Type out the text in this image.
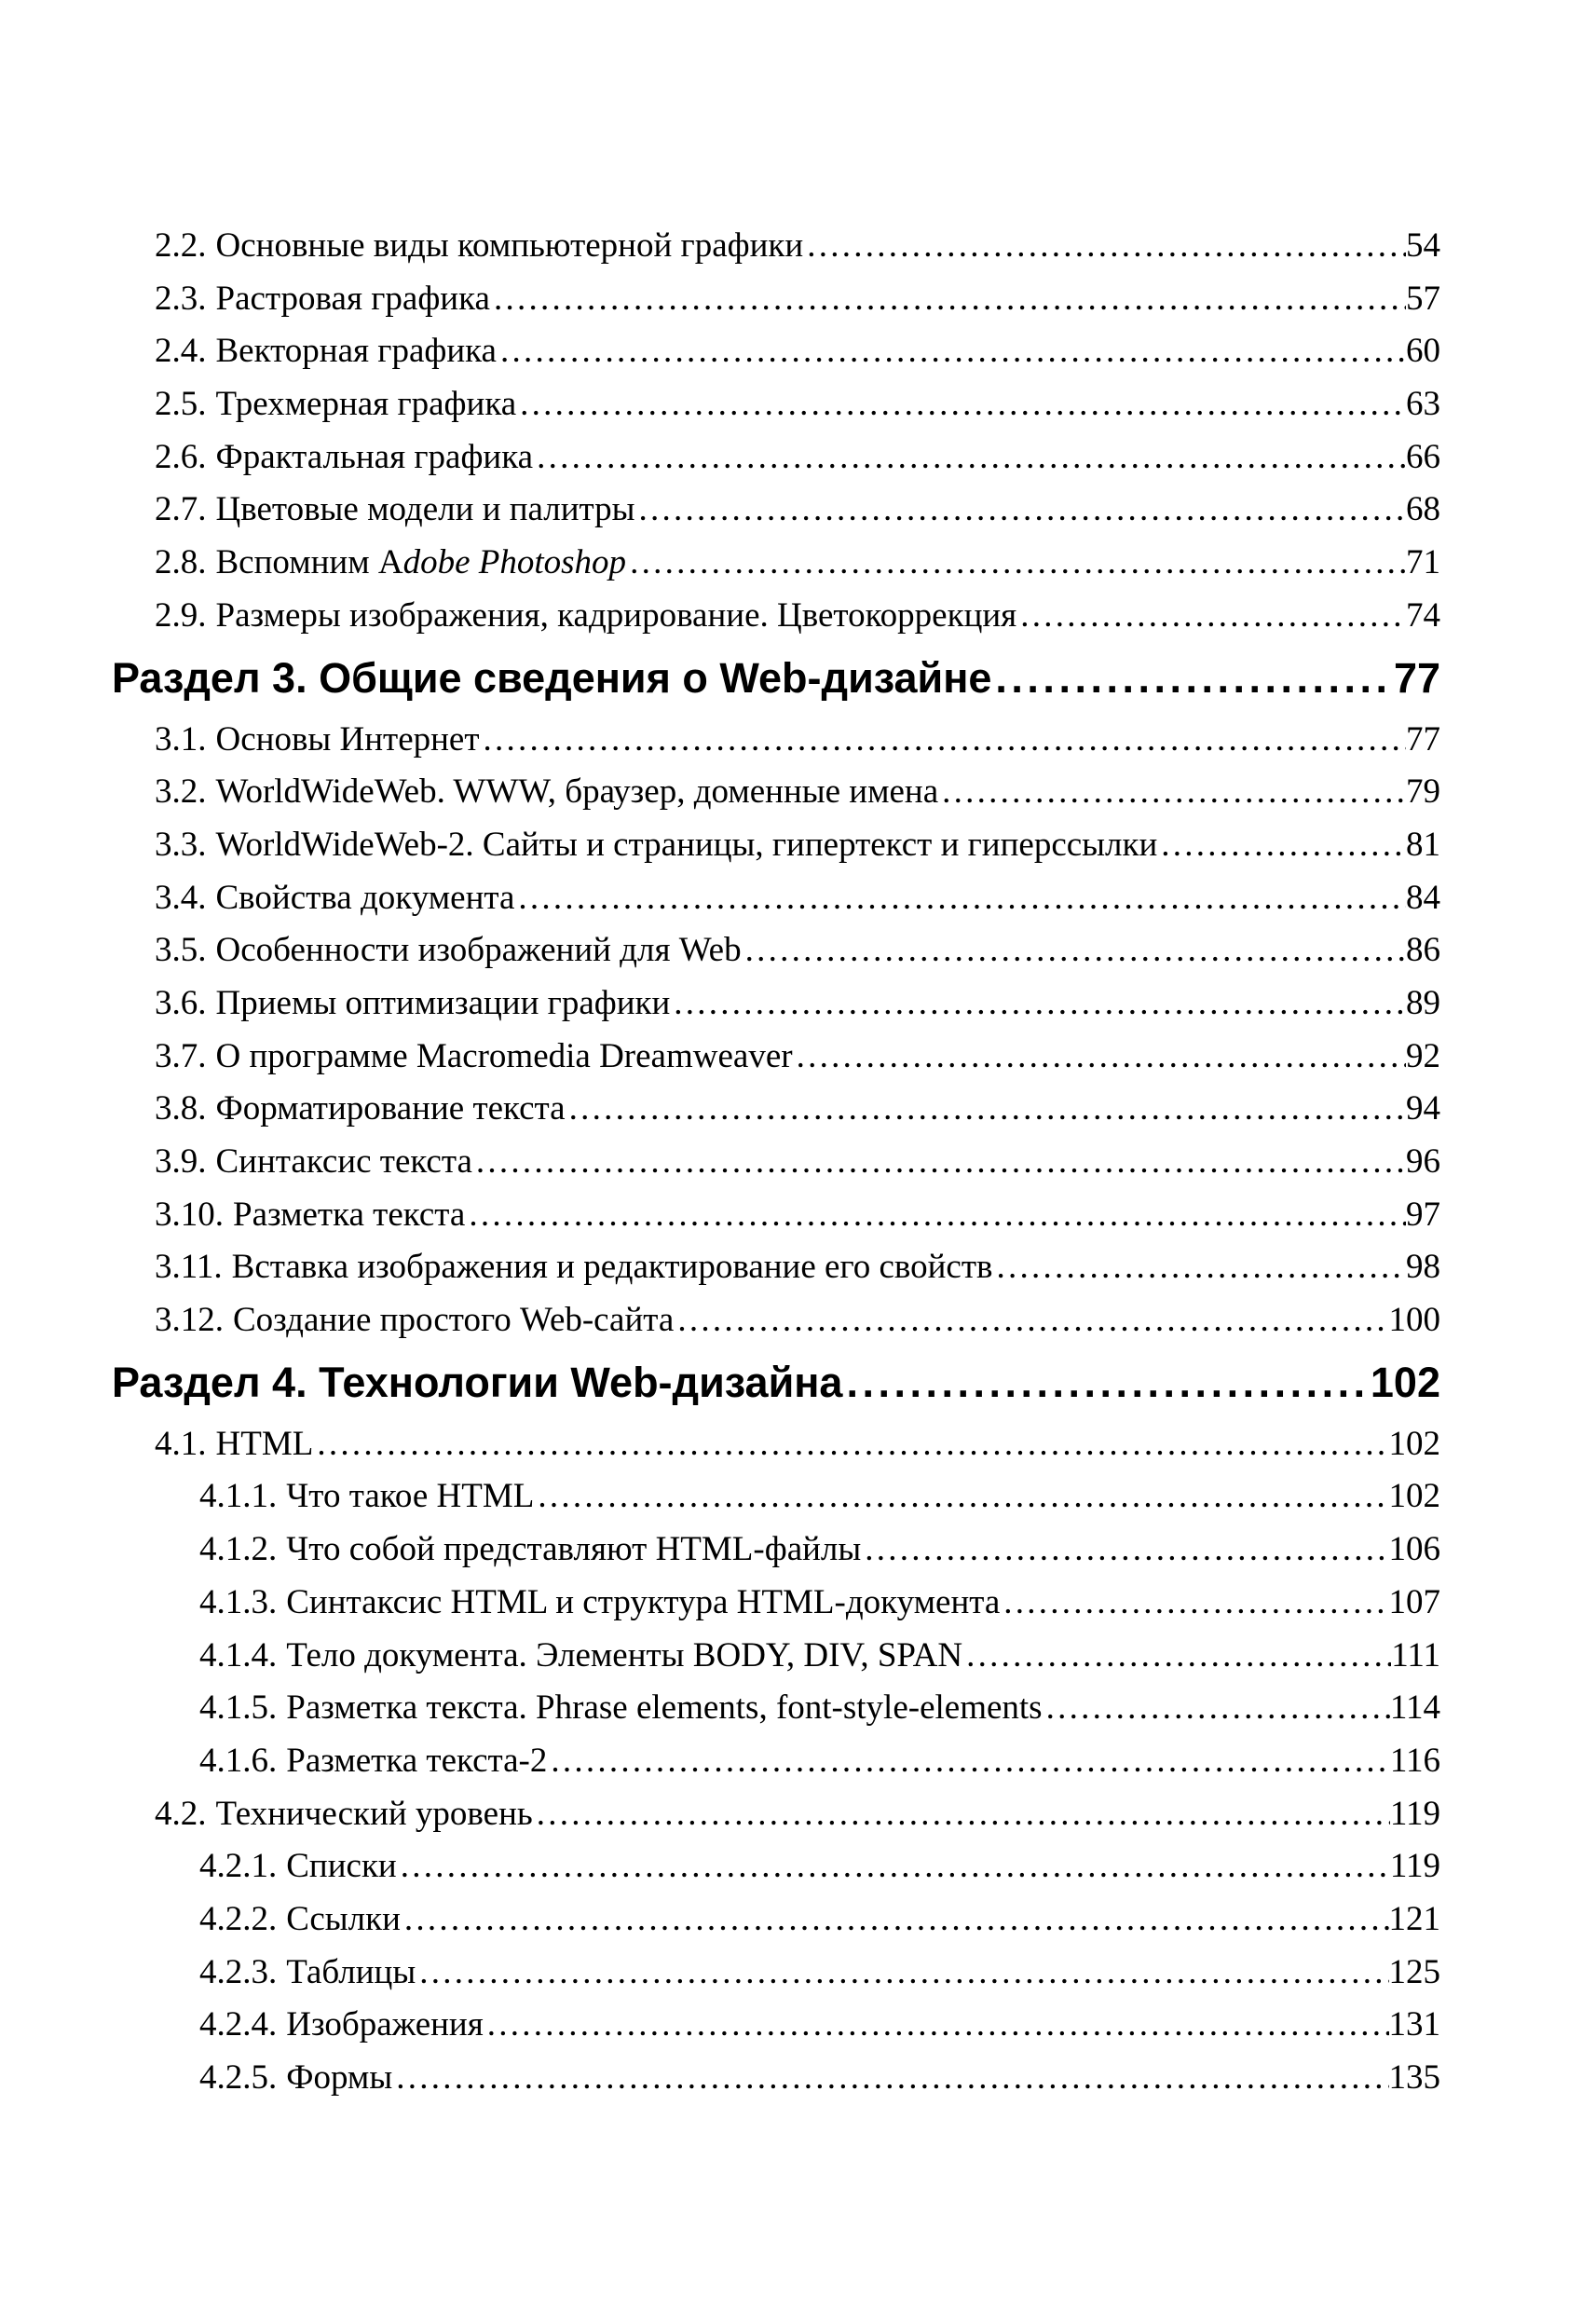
2.2. Основные виды компьютерной графики . . .	54
2.3. Растровая графика . . .	57
2.4. Векторная графика . . .	60
2.5. Трехмерная графика . . .	63
2.6. Фрактальная графика . . .	66
2.7. Цветовые модели и палитры . . .	68
2.8. Вспомним Adobe Photoshop . . .	71
2.9. Размеры изображения, кадрирование. Цветокоррекция . . .	74
Раздел 3. Общие сведения о Web-дизайне . . .	77
3.1. Основы Интернет . . .	77
3.2. WorldWideWeb. WWW, браузер, доменные имена . . .	79
3.3. WorldWideWeb-2. Сайты и страницы, гипертекст и гиперссылки . . .	81
3.4. Свойства документа . . .	84
3.5. Особенности изображений для Web . . .	86
3.6. Приемы оптимизации графики . . .	89
3.7. О программе Macromedia Dreamweaver . . .	92
3.8. Форматирование текста . . .	94
3.9. Синтаксис текста . . .	96
3.10. Разметка текста . . .	97
3.11. Вставка изображения и редактирование его свойств . . .	98
3.12. Создание простого Web-сайта . . .	100
Раздел 4. Технологии Web-дизайна . . .	102
4.1. HTML . . .	102
4.1.1. Что такое HTML . . .	102
4.1.2. Что собой представляют HTML-файлы . . .	106
4.1.3. Синтаксис HTML и структура HTML-документа . . .	107
4.1.4. Тело документа. Элементы BODY, DIV, SPAN . . .	111
4.1.5. Разметка текста. Phrase elements, font-style-elements . . .	114
4.1.6. Разметка текста-2 . . .	116
4.2. Технический уровень . . .	119
4.2.1. Списки . . .	119
4.2.2. Ссылки . . .	121
4.2.3. Таблицы . . .	125
4.2.4. Изображения . . .	131
4.2.5. Формы . . .	135
